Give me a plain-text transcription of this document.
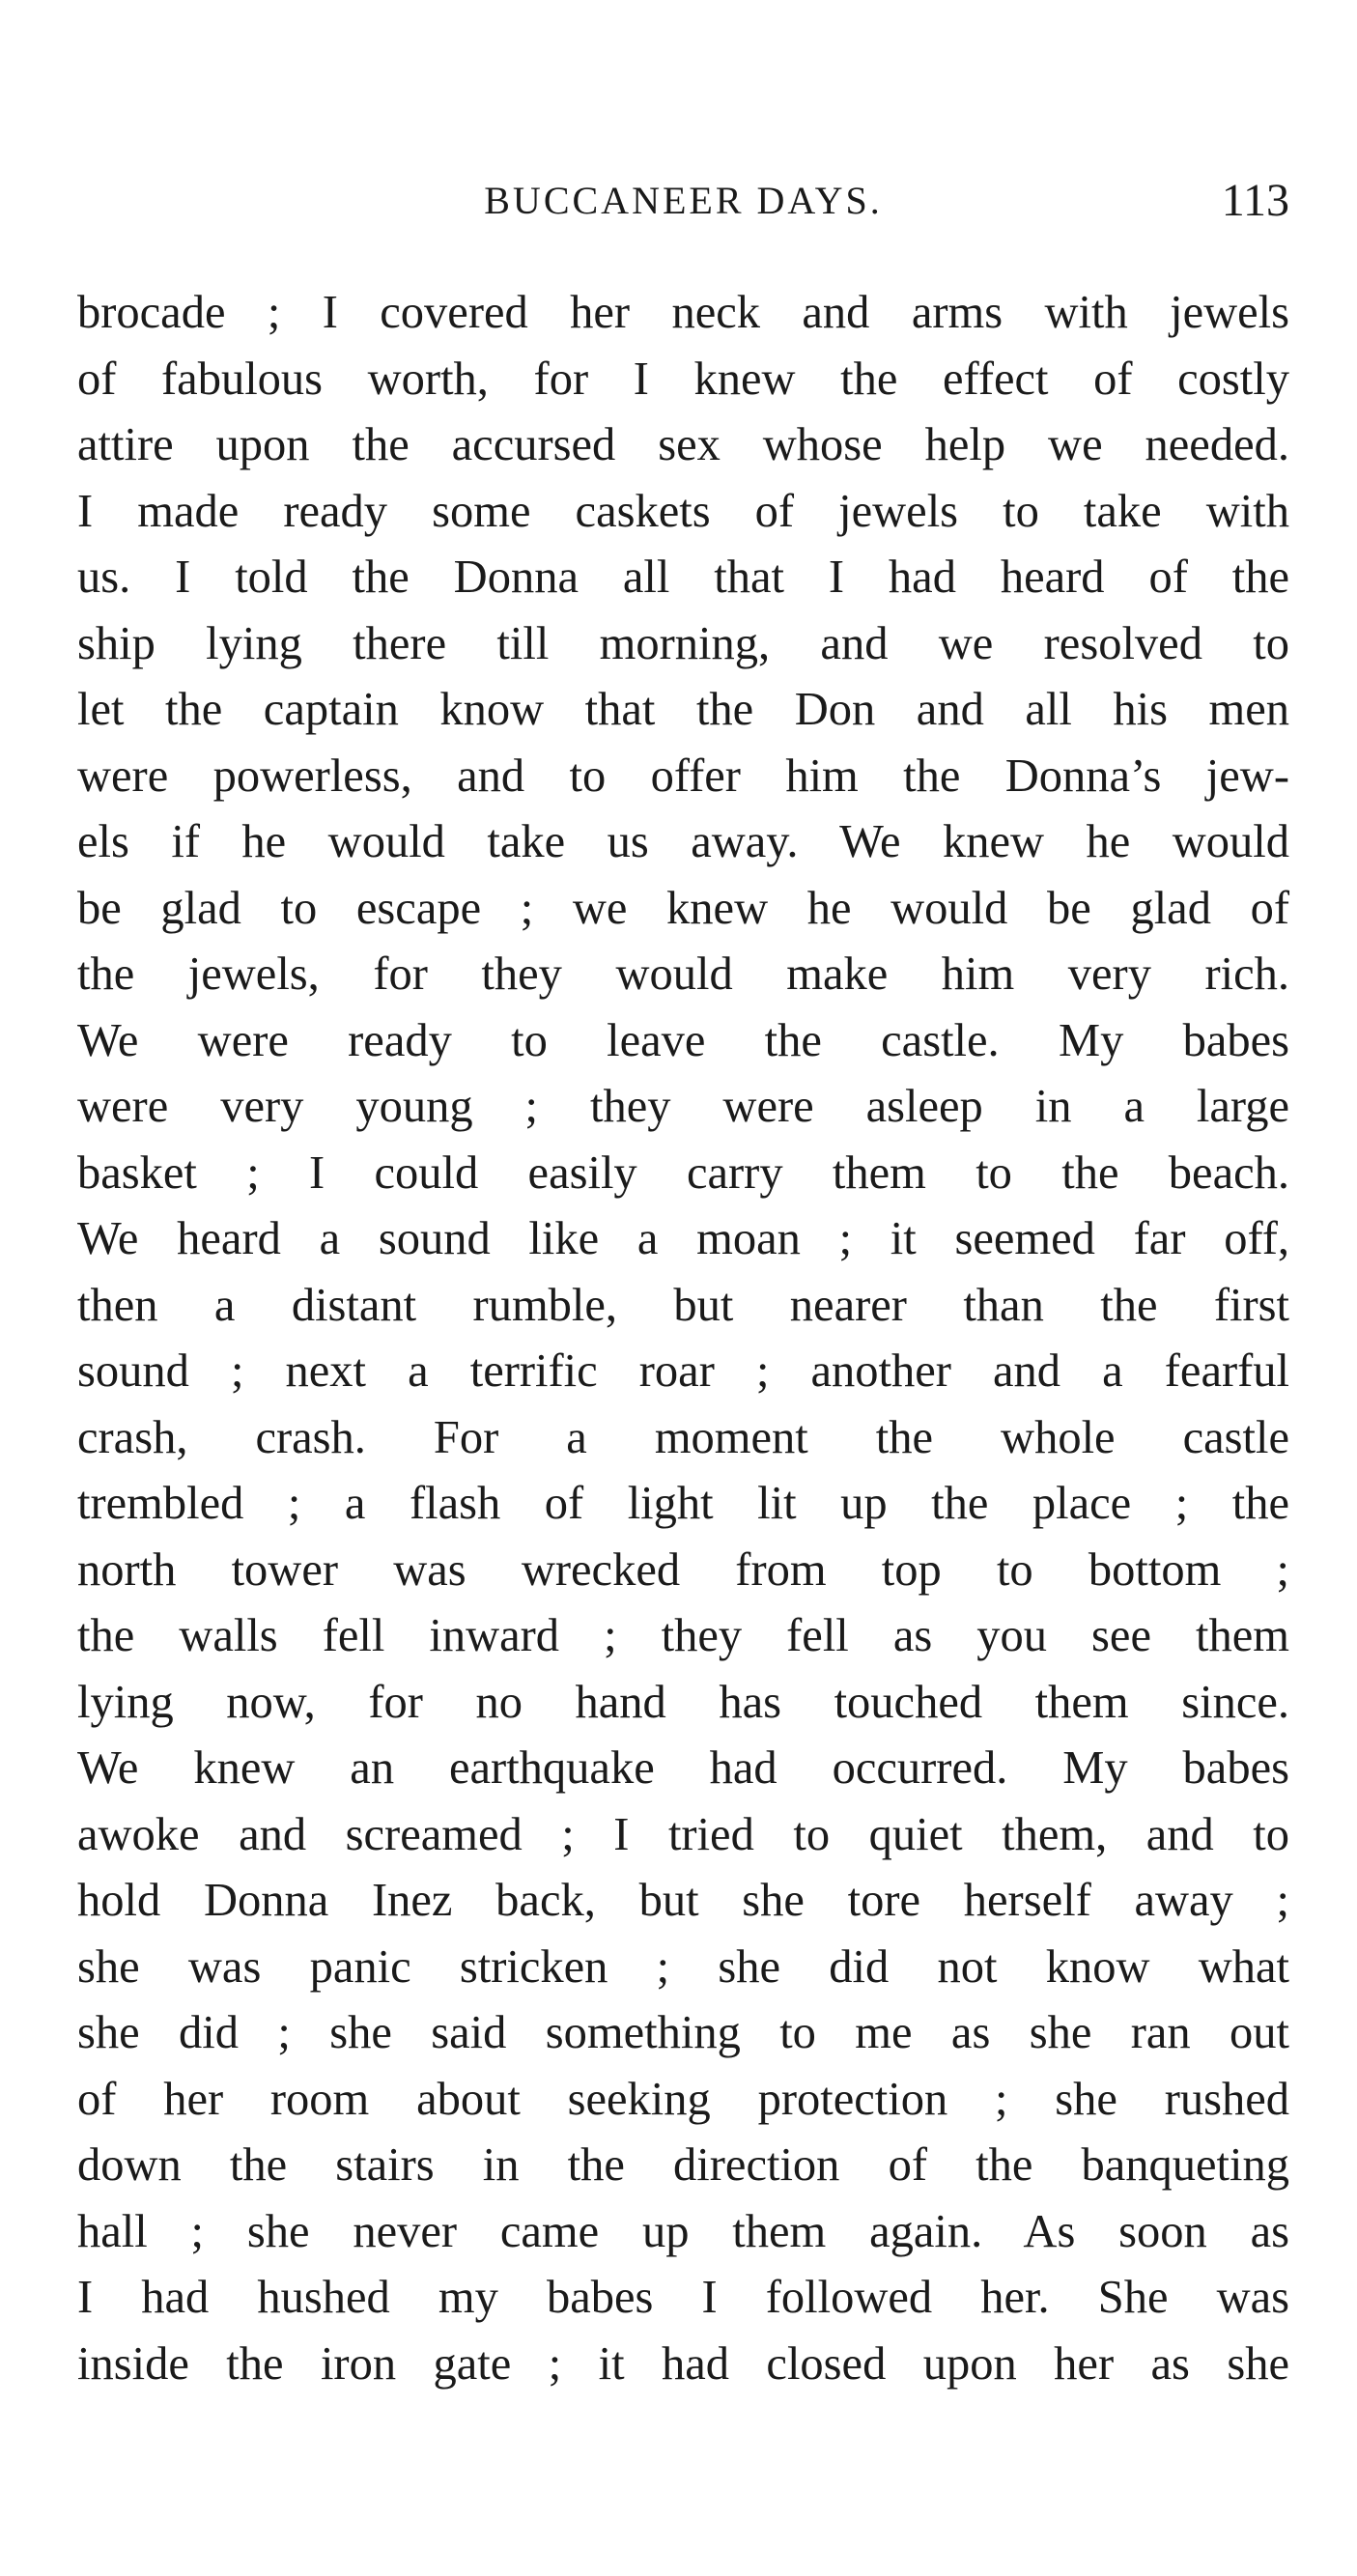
BUCCANEER DAYS.	113
brocade ; I covered her neck and arms with jewels
of fabulous worth, for I knew the effect of costly
attire upon the accursed sex whose help we needed.
I made ready some caskets of jewels to take with
us. I told the Donna all that I had heard of the
ship lying there till morning, and we resolved to
let the captain know that the Don and all his men
were powerless, and to offer him the Donna’s jew-
els if he would take us away. We knew he would
be glad to escape ; we knew he would be glad of
the jewels, for they would make him very rich.
We were ready to leave the castle. My babes
were very young ; they were asleep in a large
basket ; I could easily carry them to the beach.
We heard a sound like a moan ; it seemed far off,
then a distant rumble, but nearer than the first
sound ; next a terrific roar ; another and a fearful
crash, crash. For a moment the whole castle
trembled ; a flash of light lit up the place ; the
north tower was wrecked from top to bottom ;
the walls fell inward ; they fell as you see them
lying now, for no hand has touched them since.
We knew an earthquake had occurred. My babes
awoke and screamed ; I tried to quiet them, and to
hold Donna Inez back, but she tore herself away ;
she was panic stricken ; she did not know what
she did ; she said something to me as she ran out
of her room about seeking protection ; she rushed
down the stairs in the direction of the banqueting
hall ; she never came up them again. As soon as
I had hushed my babes I followed her. She was
inside the iron gate ; it had closed upon her as she
